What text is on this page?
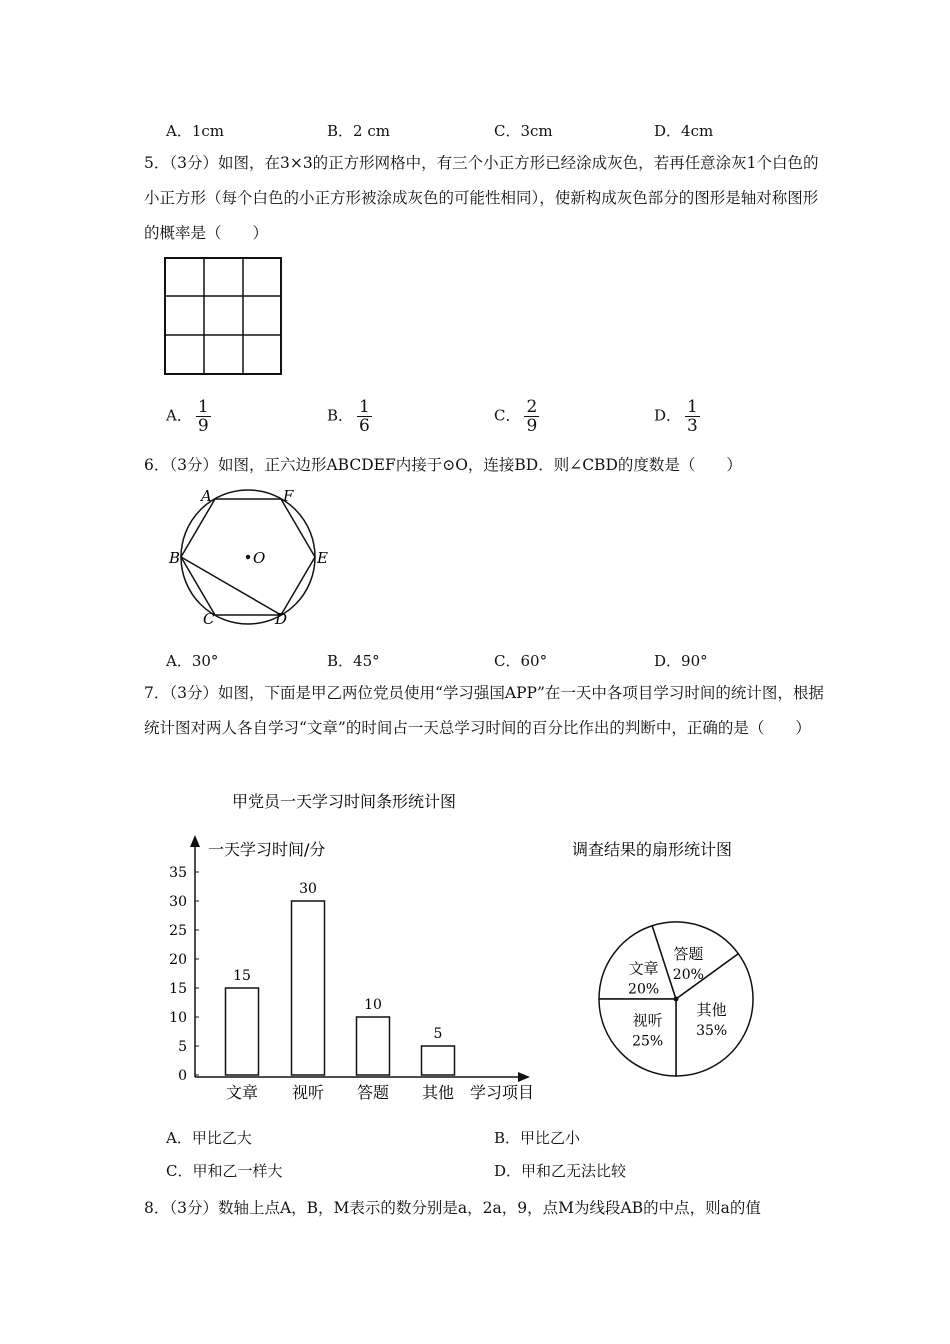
A．1cm	B．2 cm	C．3cm	D．4cm
5．（3分）如图，在3×3的正方形网格中，有三个小正方形已经涂成灰色，若再任意涂灰1个白色的小正方形（每个白色的小正方形被涂成灰色的可能性相同），使新构成灰色部分的图形是轴对称图形的概率是（　　）
A． $\frac{1}{9}$	B． $\frac{1}{6}$	C． $\frac{2}{9}$	D． $\frac{1}{3}$
6．（3分）如图，正六边形ABCDEF内接于⊙O，连接BD．则∠CBD的度数是（　　）
A	F
B	E
C	D
O
A．30°	B．45°	C．60°	D．90°
7．（3分）如图，下面是甲乙两位党员使用“学习强国APP”在一天中各项目学习时间的统计图，根据统计图对两人各自学习“文章”的时间占一天总学习时间的百分比作出的判断中，正确的是（　　）
甲党员一天学习时间条形统计图
一天学习时间/分
学习项目
0
5
10
15
20
25
30
35
15
文章
30
视听
10
答题
5
其他
调查结果的扇形统计图
文章
20%
答题
20%
其他
35%
视听
25%
A．甲比乙大	B．甲比乙小
C．甲和乙一样大	D．甲和乙无法比较
8．（3分）数轴上点A，B，M表示的数分别是a，2a，9，点M为线段AB的中点，则a的值
